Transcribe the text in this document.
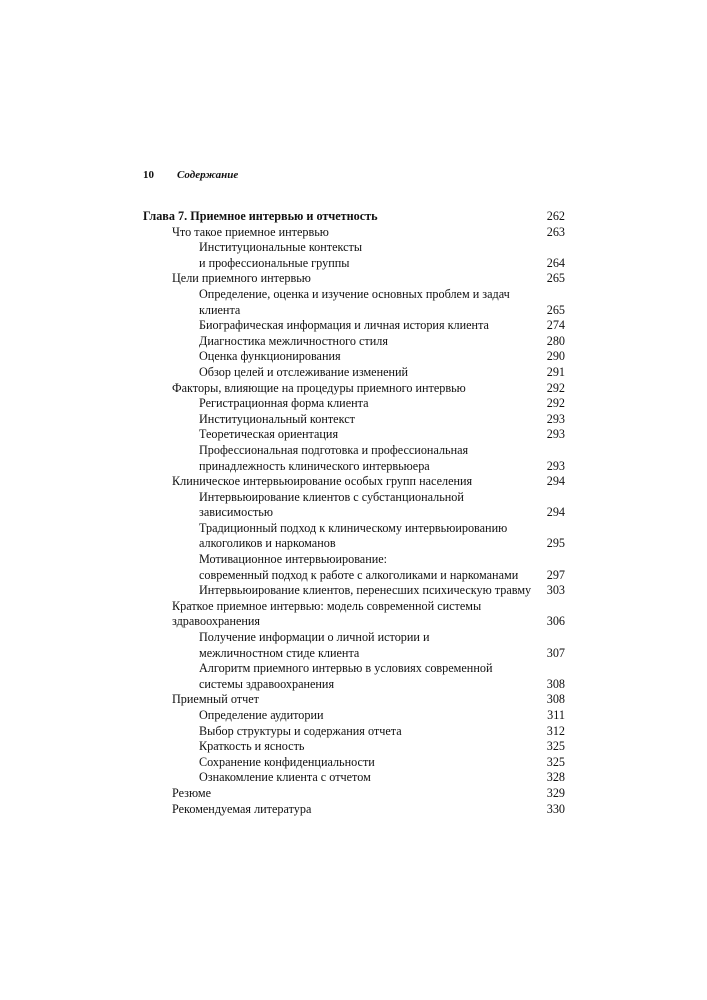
10 Содержание
Глава 7. Приемное интервью и отчетность	262
Что такое приемное интервью	263
Институциональные контексты
и профессиональные группы	264
Цели приемного интервью	265
Определение, оценка и изучение основных проблем и задач
клиента	265
Биографическая информация и личная история клиента	274
Диагностика межличностного стиля	280
Оценка функционирования	290
Обзор целей и отслеживание изменений	291
Факторы, влияющие на процедуры приемного интервью	292
Регистрационная форма клиента	292
Институциональный контекст	293
Теоретическая ориентация	293
Профессиональная подготовка и профессиональная
принадлежность клинического интервьюера	293
Клиническое интервьюирование особых групп населения	294
Интервьюирование клиентов с субстанциональной
зависимостью	294
Традиционный подход к клиническому интервьюированию
алкоголиков и наркоманов	295
Мотивационное интервьюирование:
современный подход к работе с алкоголиками и наркоманами	297
Интервьюирование клиентов, перенесших психическую травму	303
Краткое приемное интервью: модель современной системы
здравоохранения	306
Получение информации о личной истории и
межличностном стиде клиента	307
Алгоритм приемного интервью в условиях современной
системы здравоохранения	308
Приемный отчет	308
Определение аудитории	311
Выбор структуры и содержания отчета	312
Краткость и ясность	325
Сохранение конфиденциальности	325
Ознакомление клиента с отчетом	328
Резюме	329
Рекомендуемая литература	330
